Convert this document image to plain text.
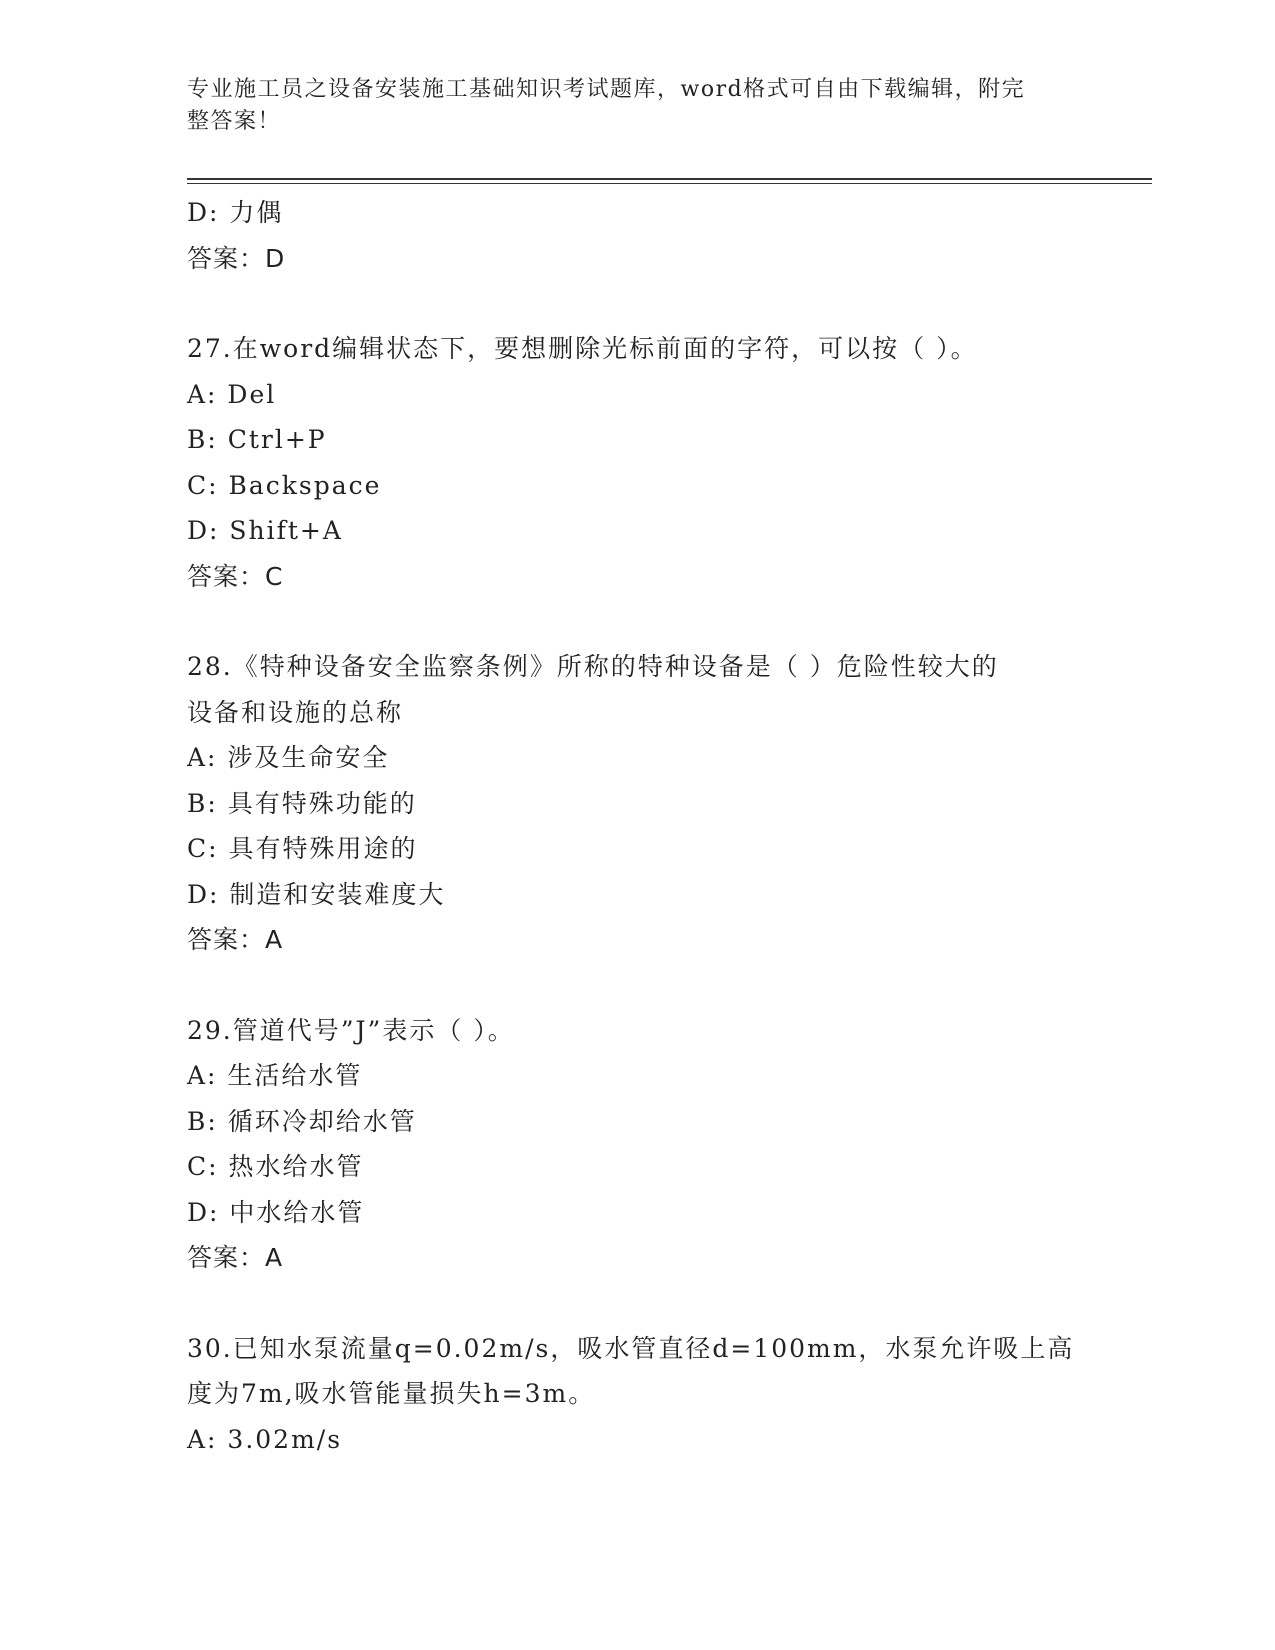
专业施工员之设备安装施工基础知识考试题库，word格式可自由下载编辑，附完
整答案！
D: 力偶
答案：D
27.在word编辑状态下，要想删除光标前面的字符，可以按（ ）。
A: Del
B: Ctrl+P
C: Backspace
D: Shift+A
答案：C
28.《特种设备安全监察条例》所称的特种设备是（ ）危险性较大的
设备和设施的总称
A: 涉及生命安全
B: 具有特殊功能的
C: 具有特殊用途的
D: 制造和安装难度大
答案：A
29.管道代号”J”表示（ ）。
A: 生活给水管
B: 循环冷却给水管
C: 热水给水管
D: 中水给水管
答案：A
30.已知水泵流量q=0.02m/s，吸水管直径d=100mm，水泵允许吸上高
度为7m,吸水管能量损失h=3m。
A: 3.02m/s
